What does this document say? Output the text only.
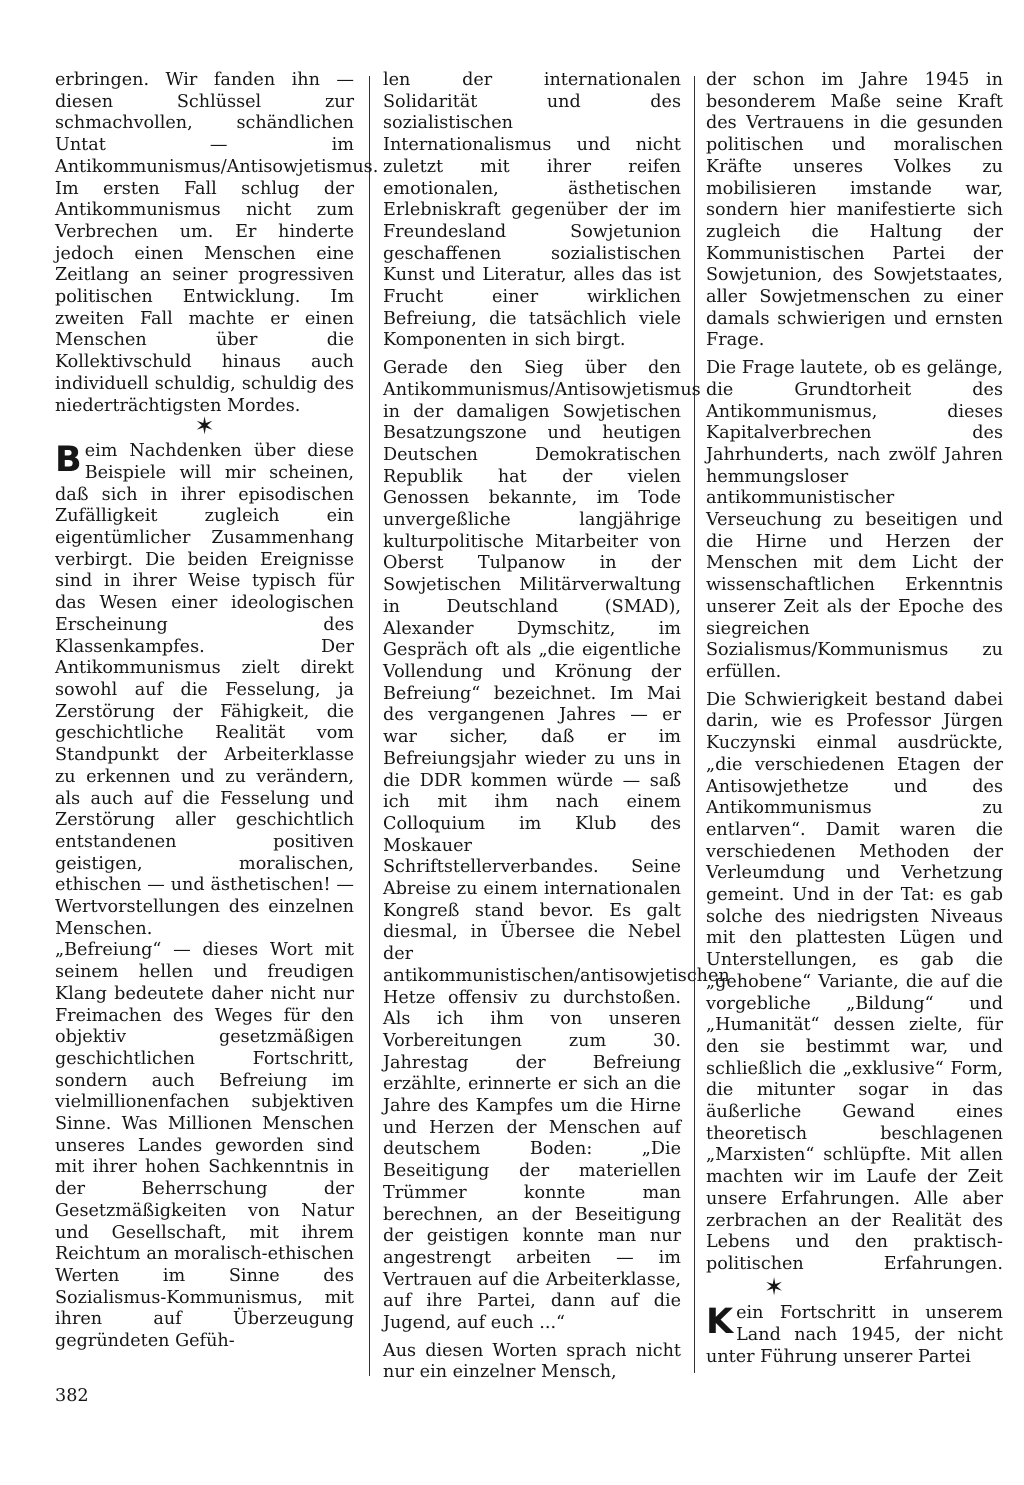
erbringen. Wir fanden ihn — diesen Schlüssel zur schmachvollen, schändlichen Untat — im Antikommunismus/Antisowjetismus.

Im ersten Fall schlug der Antikommunismus nicht zum Verbrechen um. Er hinderte jedoch einen Menschen eine Zeitlang an seiner progressiven politischen Entwicklung. Im zweiten Fall machte er einen Menschen über die Kollektivschuld hinaus auch individuell schuldig, schuldig des niederträchtigsten Mordes.

✶

Beim Nachdenken über diese Beispiele will mir scheinen, daß sich in ihrer episodischen Zufälligkeit zugleich ein eigentümlicher Zusammenhang verbirgt. Die beiden Ereignisse sind in ihrer Weise typisch für das Wesen einer ideologischen Erscheinung des Klassenkampfes. Der Antikommunismus zielt direkt sowohl auf die Fesselung, ja Zerstörung der Fähigkeit, die geschichtliche Realität vom Standpunkt der Arbeiterklasse zu erkennen und zu verändern, als auch auf die Fesselung und Zerstörung aller geschichtlich entstandenen positiven geistigen, moralischen, ethischen — und ästhetischen! — Wertvorstellungen des einzelnen Menschen.

„Befreiung“ — dieses Wort mit seinem hellen und freudigen Klang bedeutete daher nicht nur Freimachen des Weges für den objektiv gesetzmäßigen geschichtlichen Fortschritt, sondern auch Befreiung im vielmillionenfachen subjektiven Sinne. Was Millionen Menschen unseres Landes geworden sind mit ihrer hohen Sachkenntnis in der Beherrschung der Gesetzmäßigkeiten von Natur und Gesellschaft, mit ihrem Reichtum an moralisch-ethischen Werten im Sinne des Sozialismus-Kommunismus, mit ihren auf Überzeugung gegründeten Gefüh-

len der internationalen Solidarität und des sozialistischen Internationalismus und nicht zuletzt mit ihrer reifen emotionalen, ästhetischen Erlebniskraft gegenüber der im Freundesland Sowjetunion geschaffenen sozialistischen Kunst und Literatur, alles das ist Frucht einer wirklichen Befreiung, die tatsächlich viele Komponenten in sich birgt.

Gerade den Sieg über den Antikommunismus/Antisowjetismus in der damaligen Sowjetischen Besatzungszone und heutigen Deutschen Demokratischen Republik hat der vielen Genossen bekannte, im Tode unvergeßliche langjährige kulturpolitische Mitarbeiter von Oberst Tulpanow in der Sowjetischen Militärverwaltung in Deutschland (SMAD), Alexander Dymschitz, im Gespräch oft als „die eigentliche Vollendung und Krönung der Befreiung“ bezeichnet. Im Mai des vergangenen Jahres — er war sicher, daß er im Befreiungsjahr wieder zu uns in die DDR kommen würde — saß ich mit ihm nach einem Colloquium im Klub des Moskauer Schriftstellerverbandes. Seine Abreise zu einem internationalen Kongreß stand bevor. Es galt diesmal, in Übersee die Nebel der antikommunistischen/antisowjetischen Hetze offensiv zu durchstoßen. Als ich ihm von unseren Vorbereitungen zum 30. Jahrestag der Befreiung erzählte, erinnerte er sich an die Jahre des Kampfes um die Hirne und Herzen der Menschen auf deutschem Boden: „Die Beseitigung der materiellen Trümmer konnte man berechnen, an der Beseitigung der geistigen konnte man nur angestrengt arbeiten — im Vertrauen auf die Arbeiterklasse, auf ihre Partei, dann auf die Jugend, auf euch ...“

Aus diesen Worten sprach nicht nur ein einzelner Mensch,

der schon im Jahre 1945 in besonderem Maße seine Kraft des Vertrauens in die gesunden politischen und moralischen Kräfte unseres Volkes zu mobilisieren imstande war, sondern hier manifestierte sich zugleich die Haltung der Kommunistischen Partei der Sowjetunion, des Sowjetstaates, aller Sowjetmenschen zu einer damals schwierigen und ernsten Frage.

Die Frage lautete, ob es gelänge, die Grundtorheit des Antikommunismus, dieses Kapitalverbrechen des Jahrhunderts, nach zwölf Jahren hemmungsloser antikommunistischer Verseuchung zu beseitigen und die Hirne und Herzen der Menschen mit dem Licht der wissenschaftlichen Erkenntnis unserer Zeit als der Epoche des siegreichen Sozialismus/Kommunismus zu erfüllen.

Die Schwierigkeit bestand dabei darin, wie es Professor Jürgen Kuczynski einmal ausdrückte, „die verschiedenen Etagen der Antisowjethetze und des Antikommunismus zu entlarven“. Damit waren die verschiedenen Methoden der Verleumdung und Verhetzung gemeint. Und in der Tat: es gab solche des niedrigsten Niveaus mit den plattesten Lügen und Unterstellungen, es gab die „gehobene“ Variante, die auf die vorgebliche „Bildung“ und „Humanität“ dessen zielte, für den sie bestimmt war, und schließlich die „exklusive“ Form, die mitunter sogar in das äußerliche Gewand eines theoretisch beschlagenen „Marxisten“ schlüpfte. Mit allen machten wir im Laufe der Zeit unsere Erfahrungen. Alle aber zerbrachen an der Realität des Lebens und den praktisch-politischen Erfahrungen.✶

Kein Fortschritt in unserem Land nach 1945, der nicht unter Führung unserer Partei

382
